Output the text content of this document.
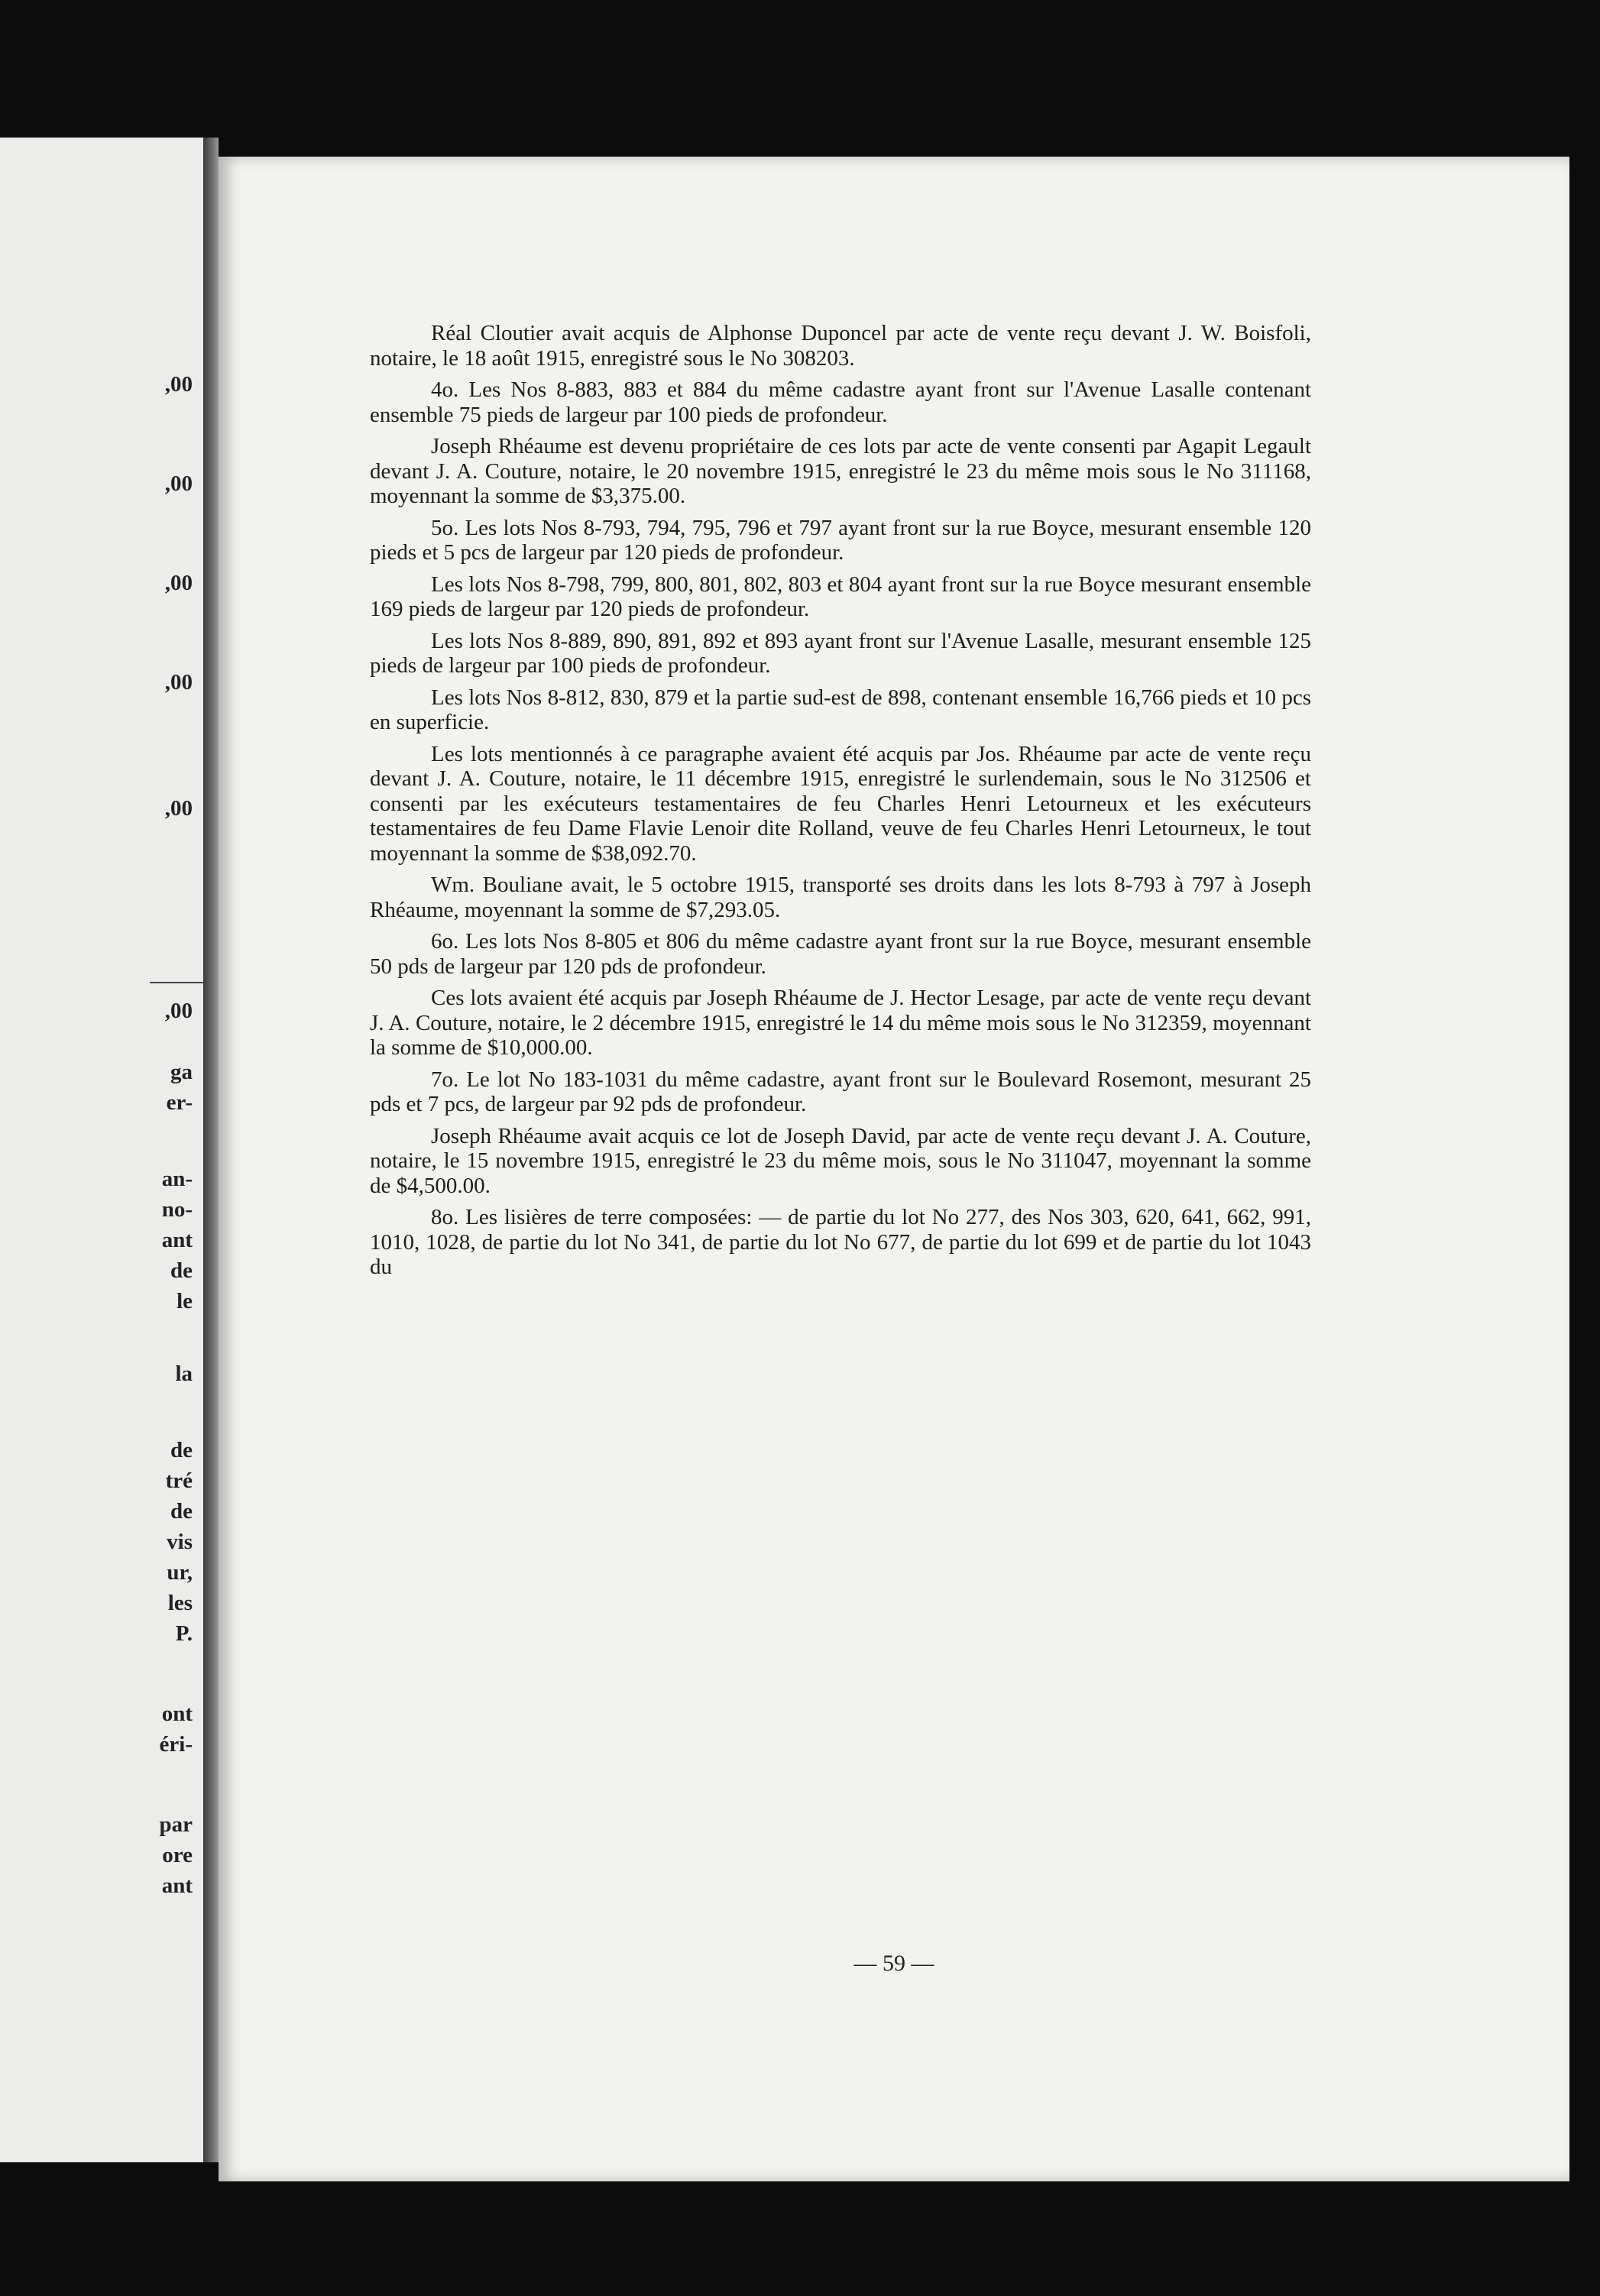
,00
,00
,00
,00
,00
,00
ga
er-
an-
no-
ant
de
le
la
de
tré
de
vis
ur,
les
P.
ont
éri-
par
ore
ant

Réal Cloutier avait acquis de Alphonse Duponcel par acte de vente reçu devant J. W. Boisfoli, notaire, le 18 août 1915, enregistré sous le No 308203.

4o. Les Nos 8-883, 883 et 884 du même cadastre ayant front sur l'Avenue Lasalle contenant ensemble 75 pieds de largeur par 100 pieds de profondeur.

Joseph Rhéaume est devenu propriétaire de ces lots par acte de vente consenti par Agapit Legault devant J. A. Couture, notaire, le 20 novembre 1915, enregistré le 23 du même mois sous le No 311168, moyennant la somme de $3,375.00.

5o. Les lots Nos 8-793, 794, 795, 796 et 797 ayant front sur la rue Boyce, mesurant ensemble 120 pieds et 5 pcs de largeur par 120 pieds de profondeur.

Les lots Nos 8-798, 799, 800, 801, 802, 803 et 804 ayant front sur la rue Boyce mesurant ensemble 169 pieds de largeur par 120 pieds de profondeur.

Les lots Nos 8-889, 890, 891, 892 et 893 ayant front sur l'Avenue Lasalle, mesurant ensemble 125 pieds de largeur par 100 pieds de profondeur.

Les lots Nos 8-812, 830, 879 et la partie sud-est de 898, contenant ensemble 16,766 pieds et 10 pcs en superficie.

Les lots mentionnés à ce paragraphe avaient été acquis par Jos. Rhéaume par acte de vente reçu devant J. A. Couture, notaire, le 11 décembre 1915, enregistré le surlendemain, sous le No 312506 et consenti par les exécuteurs testamentaires de feu Charles Henri Letourneux et les exécuteurs testamentaires de feu Dame Flavie Lenoir dite Rolland, veuve de feu Charles Henri Letourneux, le tout moyennant la somme de $38,092.70.

Wm. Bouliane avait, le 5 octobre 1915, transporté ses droits dans les lots 8-793 à 797 à Joseph Rhéaume, moyennant la somme de $7,293.05.

6o. Les lots Nos 8-805 et 806 du même cadastre ayant front sur la rue Boyce, mesurant ensemble 50 pds de largeur par 120 pds de profondeur.

Ces lots avaient été acquis par Joseph Rhéaume de J. Hector Lesage, par acte de vente reçu devant J. A. Couture, notaire, le 2 décembre 1915, enregistré le 14 du même mois sous le No 312359, moyennant la somme de $10,000.00.

7o. Le lot No 183-1031 du même cadastre, ayant front sur le Boulevard Rosemont, mesurant 25 pds et 7 pcs, de largeur par 92 pds de profondeur.

Joseph Rhéaume avait acquis ce lot de Joseph David, par acte de vente reçu devant J. A. Couture, notaire, le 15 novembre 1915, enregistré le 23 du même mois, sous le No 311047, moyennant la somme de $4,500.00.

8o. Les lisières de terre composées: — de partie du lot No 277, des Nos 303, 620, 641, 662, 991, 1010, 1028, de partie du lot No 341, de partie du lot No 677, de partie du lot 699 et de partie du lot 1043 du

— 59 —
